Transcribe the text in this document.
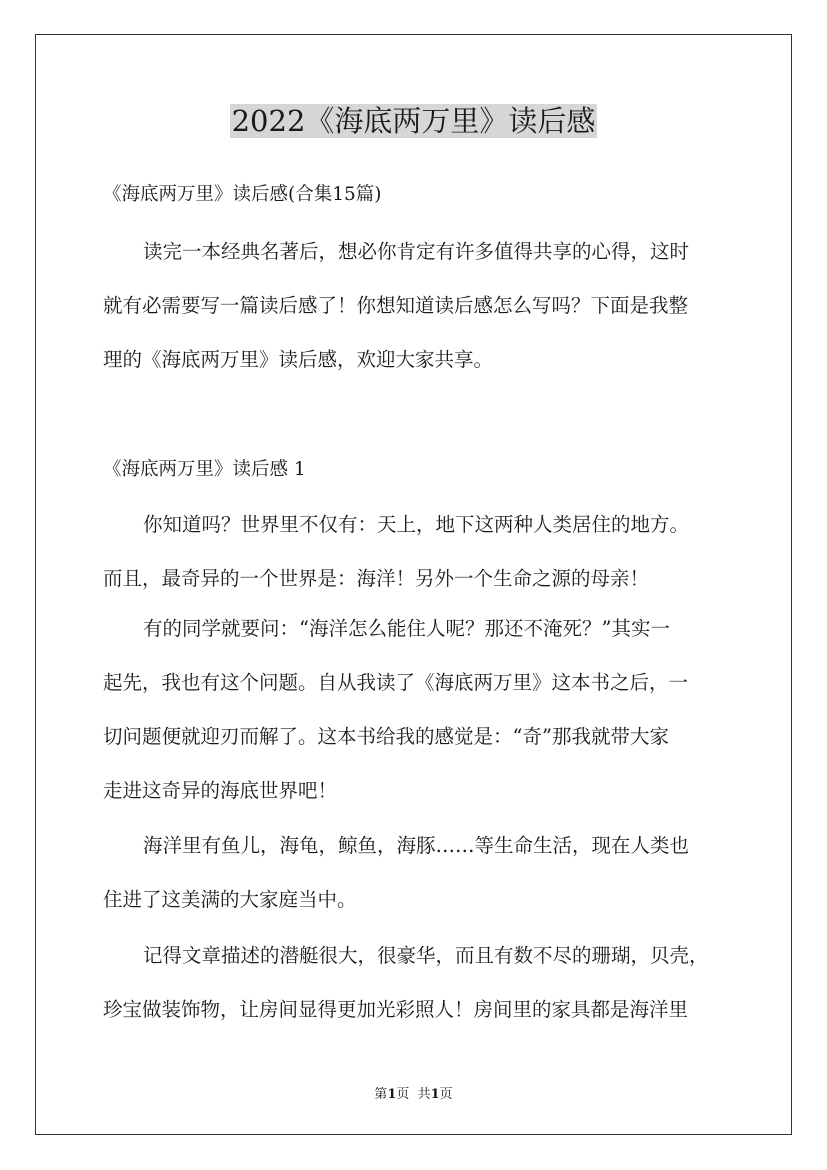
2022《海底两万里》读后感
《海底两万里》读后感(合集15篇)
读完一本经典名著后，想必你肯定有许多值得共享的心得，这时
就有必需要写一篇读后感了！你想知道读后感怎么写吗？下面是我整
理的《海底两万里》读后感，欢迎大家共享。
《海底两万里》读后感 1
你知道吗？世界里不仅有：天上，地下这两种人类居住的地方。
而且，最奇异的一个世界是：海洋！另外一个生命之源的母亲！
有的同学就要问：“海洋怎么能住人呢？那还不淹死？”其实一
起先，我也有这个问题。自从我读了《海底两万里》这本书之后，一
切问题便就迎刃而解了。这本书给我的感觉是：“奇”那我就带大家
走进这奇异的海底世界吧！
海洋里有鱼儿，海龟，鲸鱼，海豚……等生命生活，现在人类也
住进了这美满的大家庭当中。
记得文章描述的潜艇很大，很豪华，而且有数不尽的珊瑚，贝壳，
珍宝做装饰物，让房间显得更加光彩照人！房间里的家具都是海洋里
第1页  共1页
